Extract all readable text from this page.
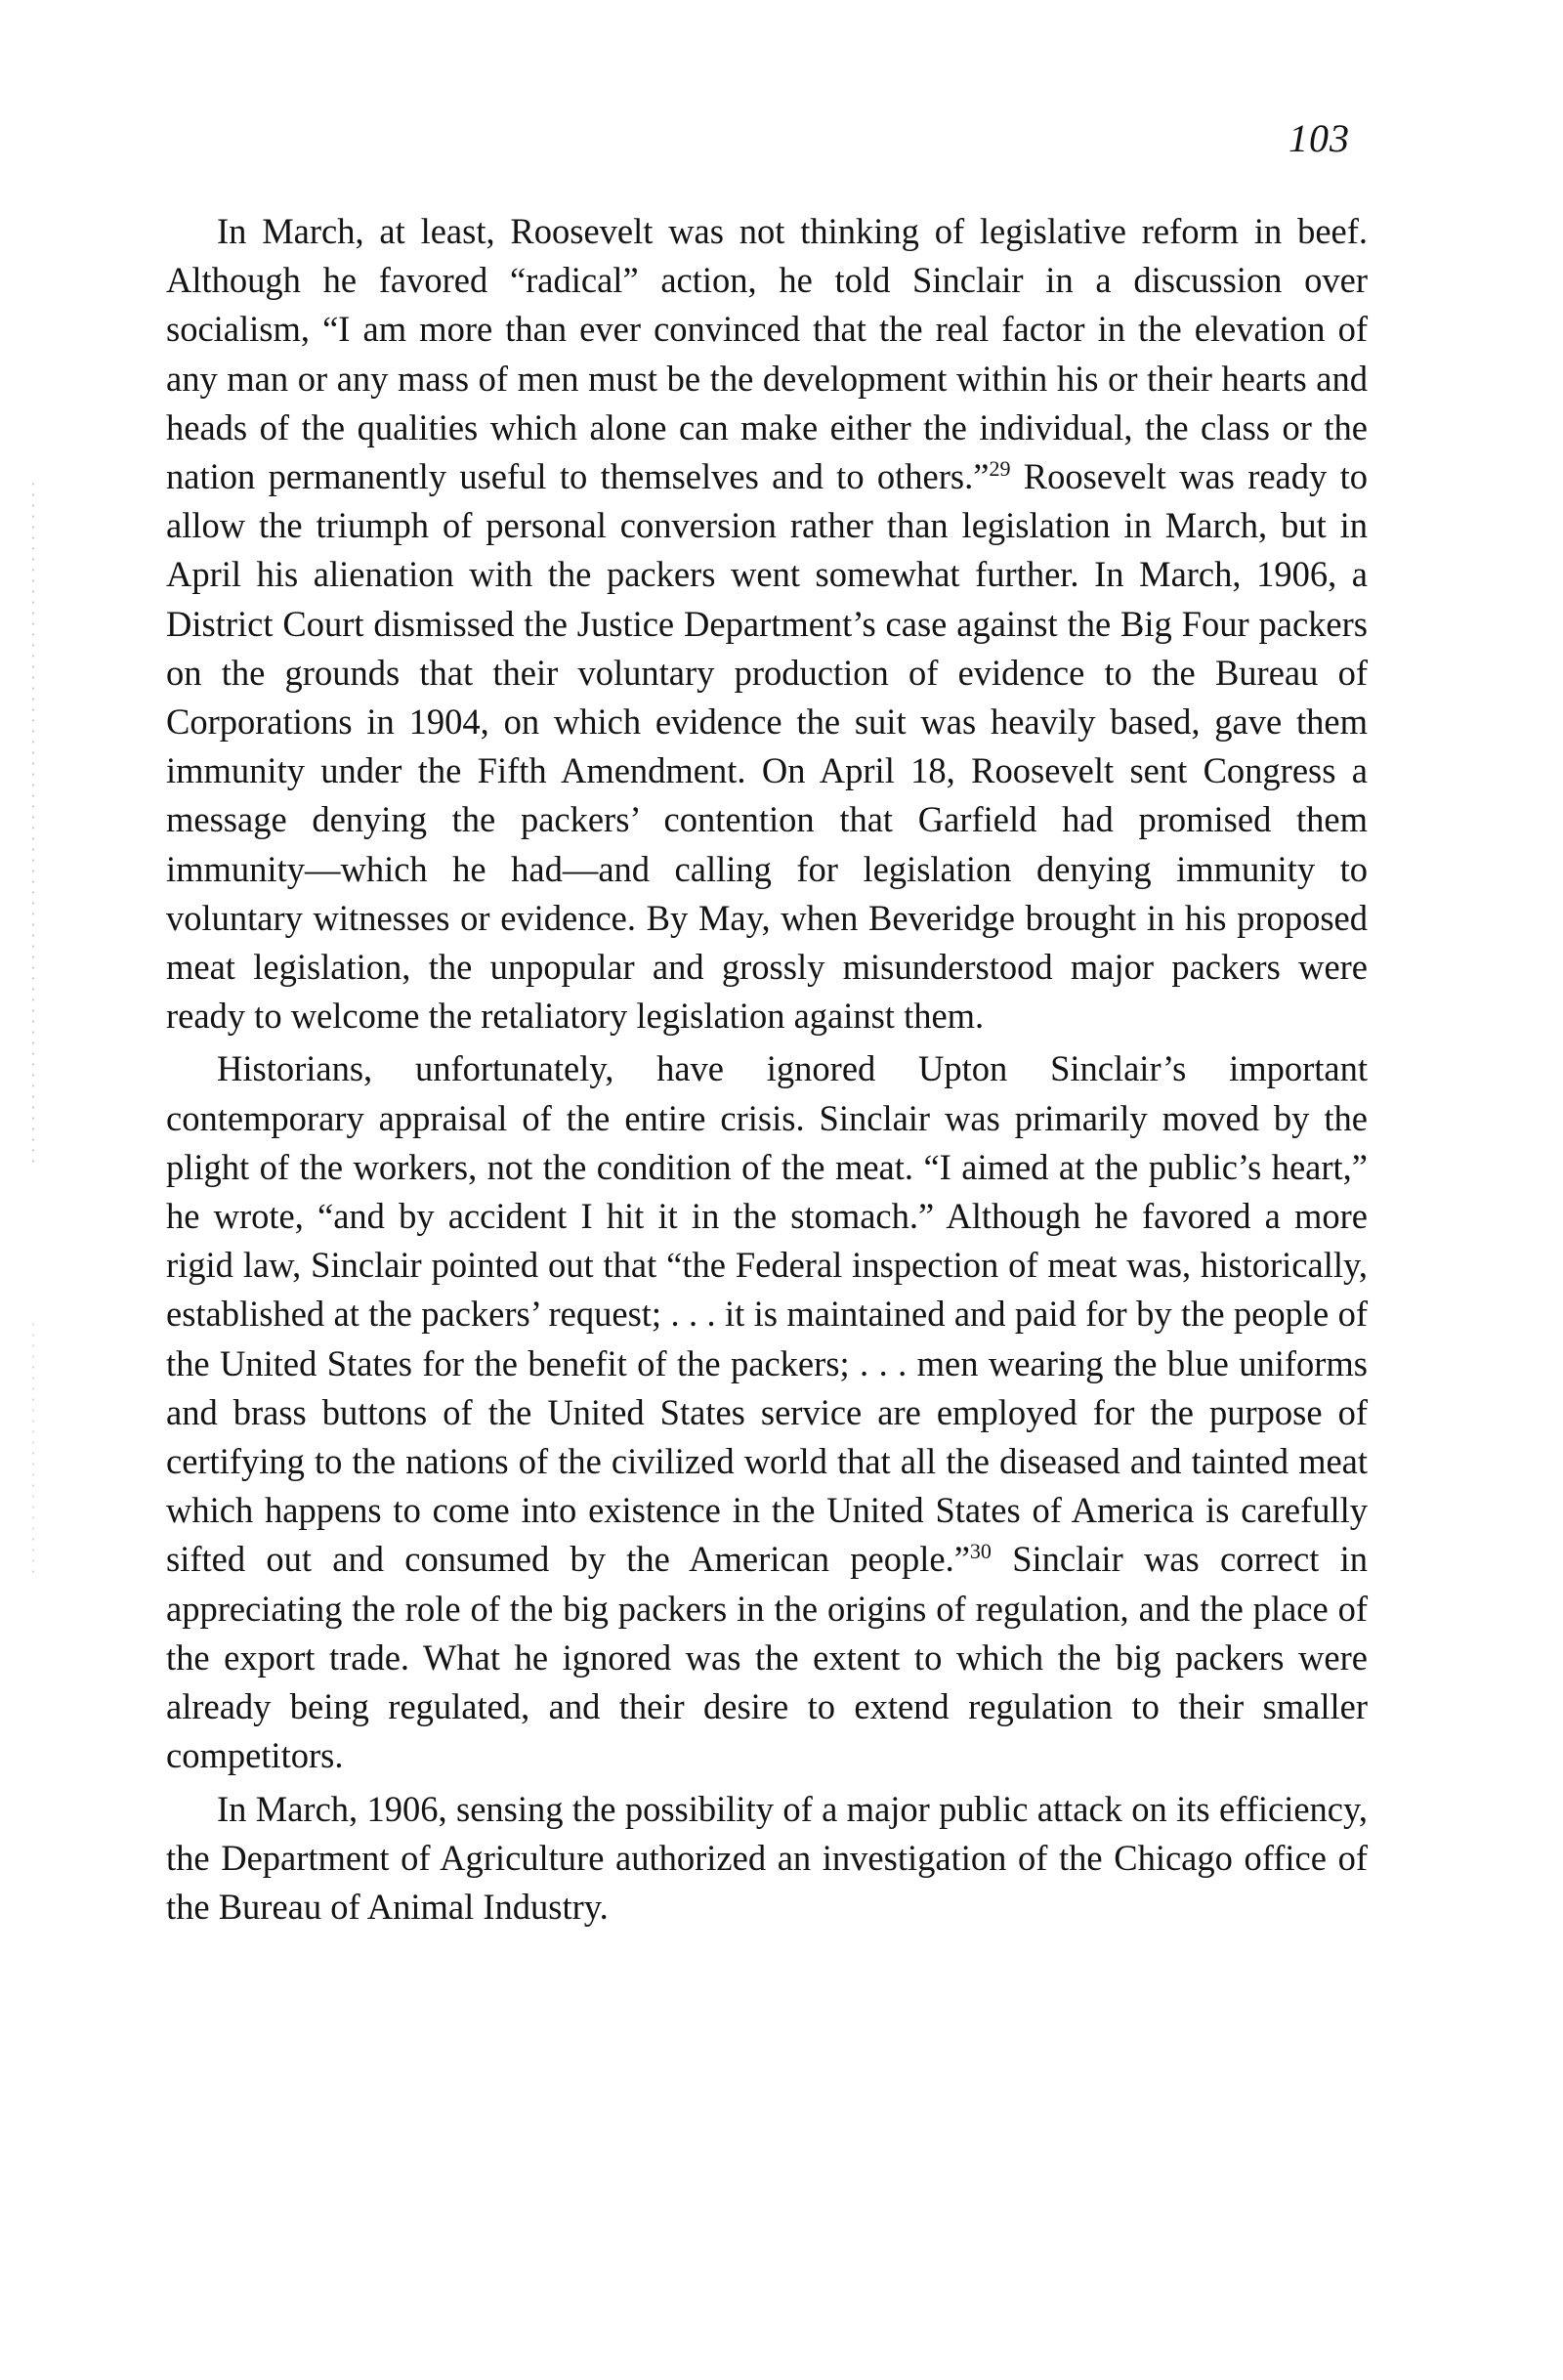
103

In March, at least, Roosevelt was not thinking of legislative reform in beef. Although he favored “radical” action, he told Sinclair in a discussion over socialism, “I am more than ever convinced that the real factor in the elevation of any man or any mass of men must be the development within his or their hearts and heads of the qualities which alone can make either the individual, the class or the nation permanently useful to themselves and to others.”$^{29}$ Roosevelt was ready to allow the triumph of personal conversion rather than legislation in March, but in April his alienation with the packers went somewhat further. In March, 1906, a District Court dismissed the Justice Department’s case against the Big Four packers on the grounds that their voluntary production of evidence to the Bureau of Corporations in 1904, on which evidence the suit was heavily based, gave them immunity under the Fifth Amendment. On April 18, Roosevelt sent Congress a message denying the packers’ contention that Garfield had promised them immunity—which he had—and calling for legislation denying immunity to voluntary witnesses or evidence. By May, when Beveridge brought in his proposed meat legislation, the unpopular and grossly misunderstood major packers were ready to welcome the retaliatory legislation against them.

Historians, unfortunately, have ignored Upton Sinclair’s important contemporary appraisal of the entire crisis. Sinclair was primarily moved by the plight of the workers, not the condition of the meat. “I aimed at the public’s heart,” he wrote, “and by accident I hit it in the stomach.” Although he favored a more rigid law, Sinclair pointed out that “the Federal inspection of meat was, historically, established at the packers’ request; . . . it is maintained and paid for by the people of the United States for the benefit of the packers; . . . men wearing the blue uniforms and brass buttons of the United States service are employed for the purpose of certifying to the nations of the civilized world that all the diseased and tainted meat which happens to come into existence in the United States of America is carefully sifted out and consumed by the American people.”$^{30}$ Sinclair was correct in appreciating the role of the big packers in the origins of regulation, and the place of the export trade. What he ignored was the extent to which the big packers were already being regulated, and their desire to extend regulation to their smaller competitors.

In March, 1906, sensing the possibility of a major public attack on its efficiency, the Department of Agriculture authorized an investigation of the Chicago office of the Bureau of Animal Industry.
